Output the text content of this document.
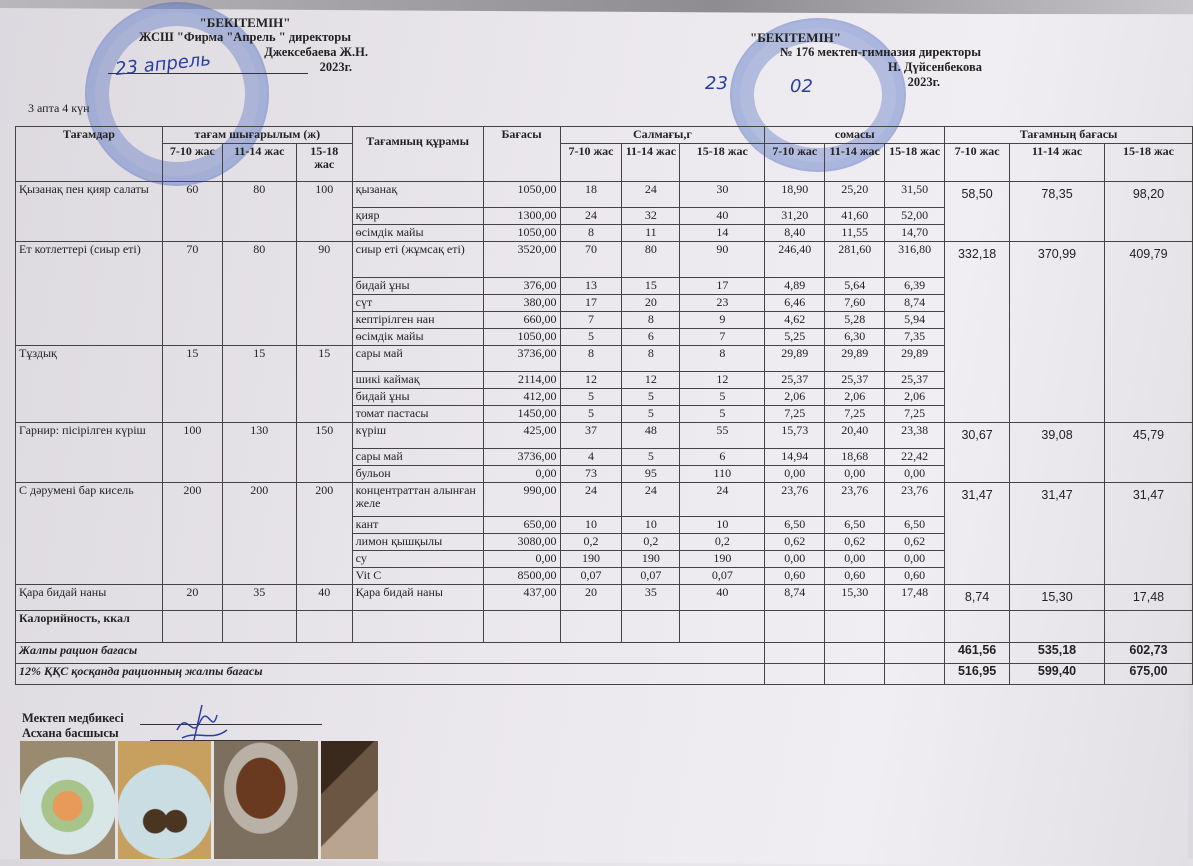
"БЕКІТЕМІН"
ЖСШ "Фирма "Апрель " директоры
Джексебаева Ж.Н.
2023г.
23 апрель
"БЕКІТЕМІН"
№ 176 мектеп-гимназия директоры
Н. Дүйсенбекова
2023г.
23	02
3 апта 4 күн
Тағамдар	тағам шығарылым (ж)			Тағамның құрамы	Бағасы	Салмағы,г			сомасы			Тағамның бағасы		
	7-10 жас	11-14 жас	15-18 жас			7-10 жас	11-14 жас	15-18 жас	7-10 жас	11-14 жас	15-18 жас	7-10 жас	11-14 жас	15-18 жас
Қызанақ пен қияр салаты	60	80	100	қызанақ	1050,00	18	24	30	18,90	25,20	31,50	58,50	78,35	98,20
				қияр	1300,00	24	32	40	31,20	41,60	52,00			
				өсімдік майы	1050,00	8	11	14	8,40	11,55	14,70			
Ет котлеттері (сиыр еті)	70	80	90	сиыр еті (жұмсақ еті)	3520,00	70	80	90	246,40	281,60	316,80	332,18	370,99	409,79
				бидай ұны	376,00	13	15	17	4,89	5,64	6,39			
				сүт	380,00	17	20	23	6,46	7,60	8,74			
				кептірілген нан	660,00	7	8	9	4,62	5,28	5,94			
				өсімдік майы	1050,00	5	6	7	5,25	6,30	7,35			
Тұздық	15	15	15	сары май	3736,00	8	8	8	29,89	29,89	29,89			
				шикі каймақ	2114,00	12	12	12	25,37	25,37	25,37			
				бидай ұны	412,00	5	5	5	2,06	2,06	2,06			
				томат пастасы	1450,00	5	5	5	7,25	7,25	7,25			
Гарнир: пісірілген күріш	100	130	150	күріш	425,00	37	48	55	15,73	20,40	23,38	30,67	39,08	45,79
				сары май	3736,00	4	5	6	14,94	18,68	22,42			
				бульон	0,00	73	95	110	0,00	0,00	0,00			
С дәрумені бар кисель	200	200	200	концентраттан алынған желе	990,00	24	24	24	23,76	23,76	23,76	31,47	31,47	31,47
				кант	650,00	10	10	10	6,50	6,50	6,50			
				лимон қышқылы	3080,00	0,2	0,2	0,2	0,62	0,62	0,62			
				су	0,00	190	190	190	0,00	0,00	0,00			
				Vit C	8500,00	0,07	0,07	0,07	0,60	0,60	0,60			
Қара бидай наны	20	35	40	Қара бидай наны	437,00	20	35	40	8,74	15,30	17,48	8,74	15,30	17,48
Калорийность, ккал														
Жалпы рацион бағасы												461,56	535,18	602,73
12% ҚҚС қосқанда рационның жалпы бағасы												516,95	599,40	675,00
Мектеп медбикесі
Асхана басшысы
